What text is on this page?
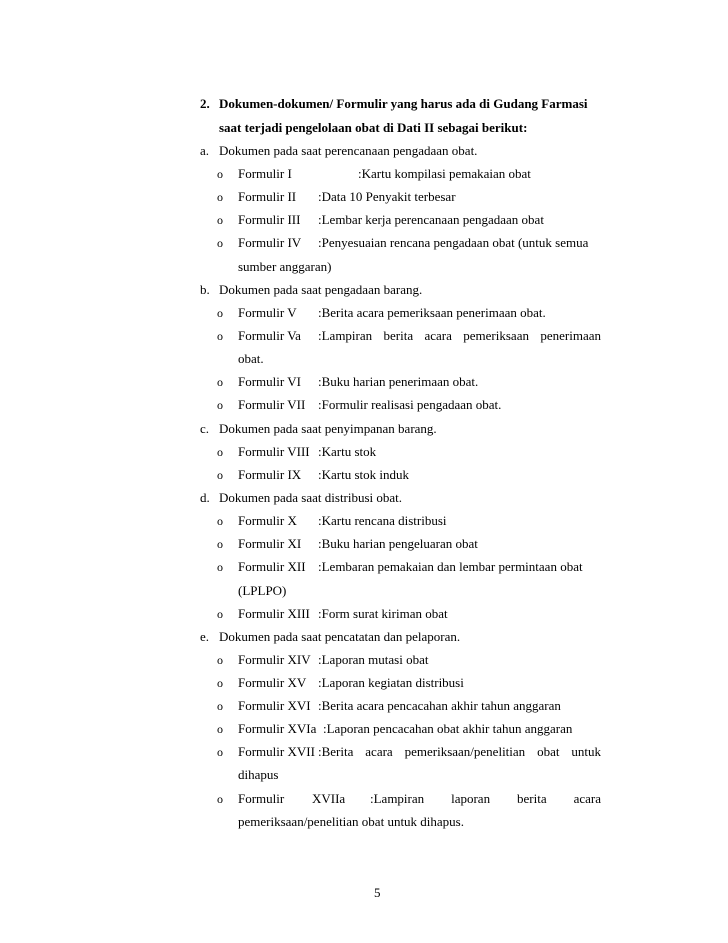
2. Dokumen-dokumen/ Formulir yang harus ada di Gudang Farmasi
saat terjadi pengelolaan obat di Dati II sebagai berikut:
a. Dokumen pada saat perencanaan pengadaan obat.
o Formulir I	:Kartu kompilasi pemakaian obat
o Formulir II :Data 10 Penyakit terbesar
o Formulir III :Lembar kerja perencanaan pengadaan obat
o Formulir IV :Penyesuaian rencana pengadaan obat (untuk semua
sumber anggaran)
b. Dokumen pada saat pengadaan barang.
o Formulir V :Berita acara pemeriksaan penerimaan obat.
o Formulir Va :Lampiran berita acara pemeriksaan penerimaan
obat.
o Formulir VI :Buku harian penerimaan obat.
o Formulir VII :Formulir realisasi pengadaan obat.
c. Dokumen pada saat penyimpanan barang.
o Formulir VIII :Kartu stok
o Formulir IX :Kartu stok induk
d. Dokumen pada saat distribusi obat.
o Formulir X :Kartu rencana distribusi
o Formulir XI :Buku harian pengeluaran obat
o Formulir XII :Lembaran pemakaian dan lembar permintaan obat
(LPLPO)
o Formulir XIII :Form surat kiriman obat
e. Dokumen pada saat pencatatan dan pelaporan.
o Formulir XIV :Laporan mutasi obat
o Formulir XV :Laporan kegiatan distribusi
o Formulir XVI :Berita acara pencacahan akhir tahun anggaran
o Formulir XVIa :Laporan pencacahan obat akhir tahun anggaran
o Formulir XVII :Berita acara pemeriksaan/penelitian obat untuk
dihapus
o Formulir XVIIa :Lampiran laporan berita acara
pemeriksaan/penelitian obat untuk dihapus.
5
